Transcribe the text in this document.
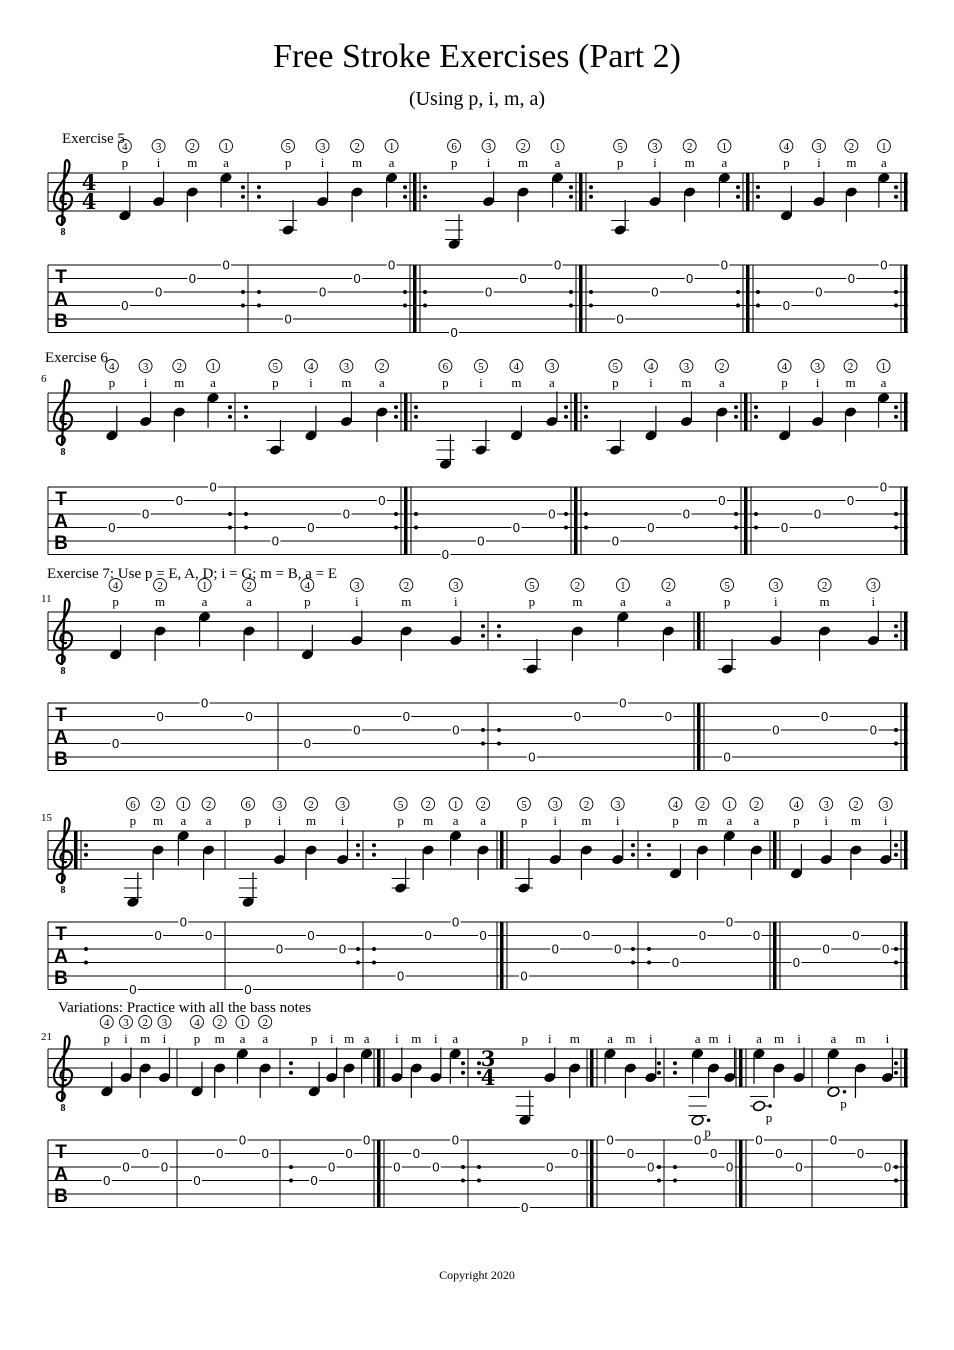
Free Stroke Exercises (Part 2)
(Using p, i, m, a)
Exercise 5
Exercise 6
6
Exercise 7: Use p = E, A, D; i = G; m = B, a = E
11
15
Variations: Practice with all the bass notes
21
8
T
A
B
4
4
p
4
0
i
3
0
m
2
0
a
1
0
p
5
0
i
3
0
m
2
0
a
1
0
p
6
0
i
3
0
m
2
0
a
1
0
p
5
0
i
3
0
m
2
0
a
1
0
p
4
0
i
3
0
m
2
0
a
1
0
8
T
A
B
p
4
0
i
3
0
m
2
0
a
1
0
p
5
0
i
4
0
m
3
0
a
2
0
p
6
0
i
5
0
m
4
0
a
3
0
p
5
0
i
4
0
m
3
0
a
2
0
p
4
0
i
3
0
m
2
0
a
1
0
8
T
A
B
p
4
0
m
2
0
a
1
0
a
2
0
p
4
0
i
3
0
m
2
0
i
3
0
p
5
0
m
2
0
a
1
0
a
2
0
p
5
0
i
3
0
m
2
0
i
3
0
8
T
A
B
p
6
0
m
2
0
a
1
0
a
2
0
p
6
0
i
3
0
m
2
0
i
3
0
p
5
0
m
2
0
a
1
0
a
2
0
p
5
0
i
3
0
m
2
0
i
3
0
p
4
0
m
2
0
a
1
0
a
2
0
p
4
0
i
3
0
m
2
0
i
3
0
8
T
A
B
3
4
p
4
0
i
3
0
m
2
0
i
3
0
p
4
0
m
2
0
a
1
0
a
2
0
p
0
i
0
m
0
a
0
i
0
m
0
i
0
a
0
p
0
i
0
m
0
a
0
m
0
i
0
p
a
0
m
0
i
0
p
a
0
m
0
i
0
p
a
0
m
0
i
0
Copyright 2020
